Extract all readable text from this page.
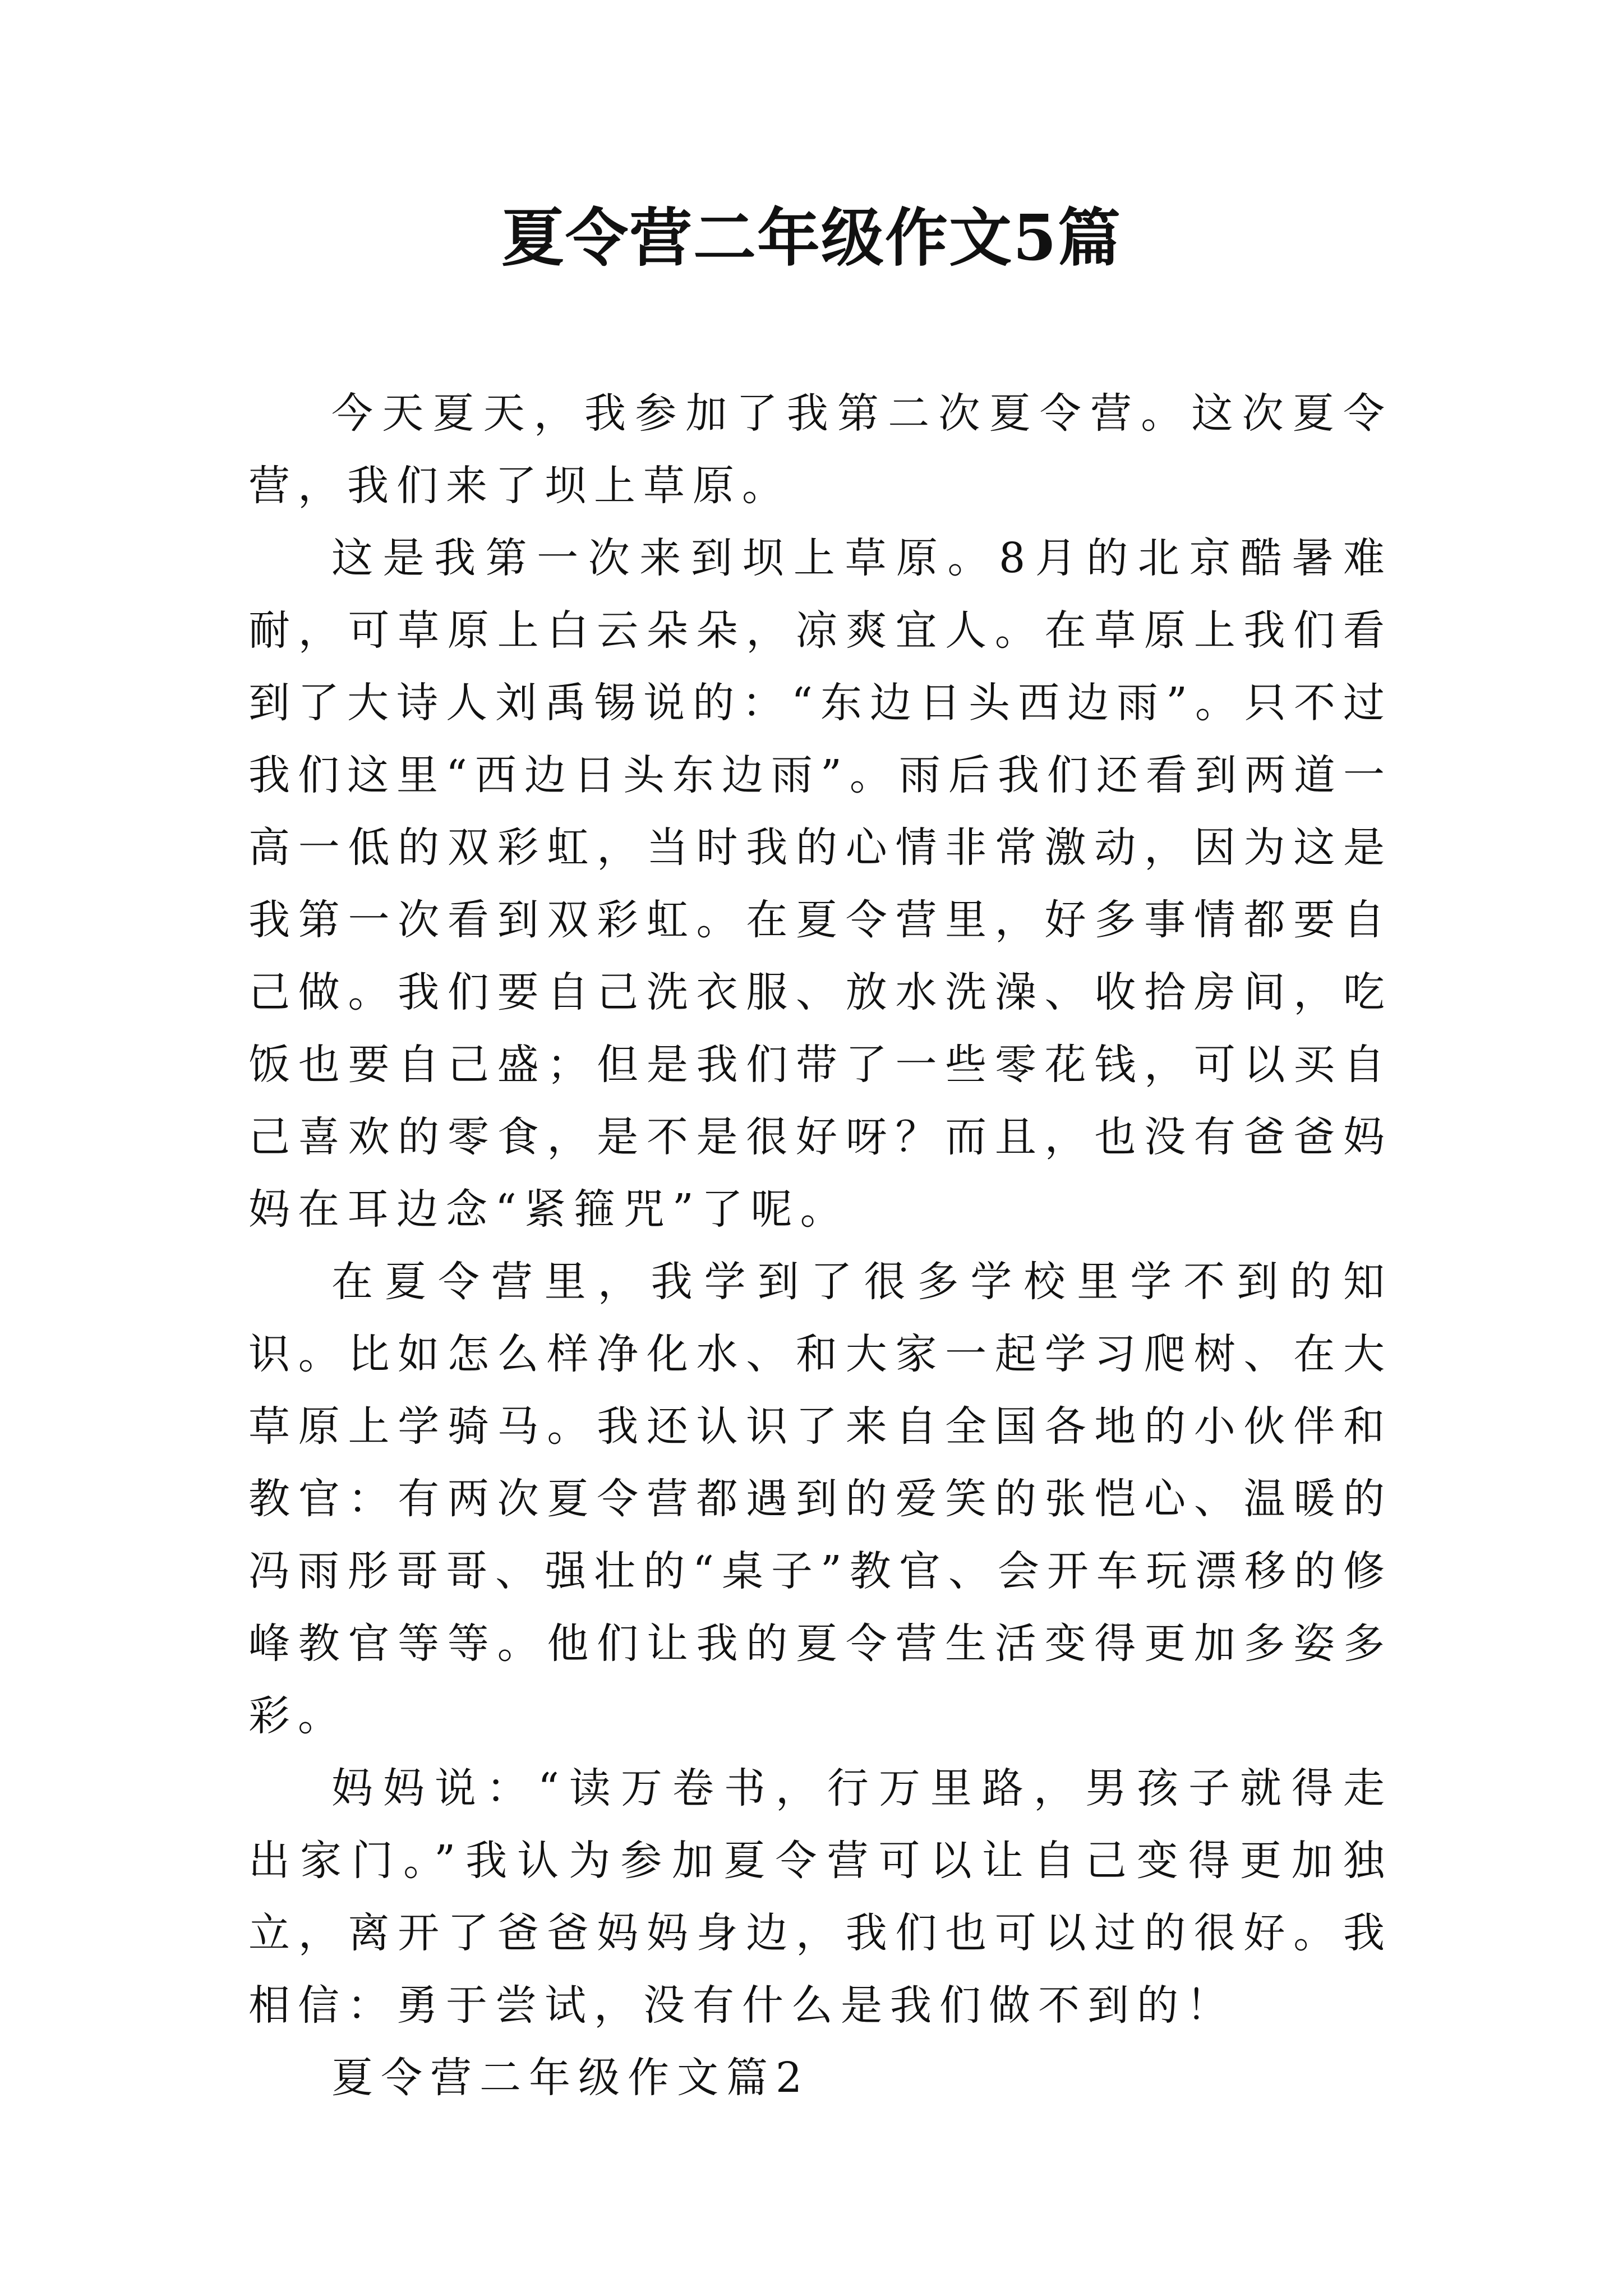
夏令营二年级作文5篇

今天夏天，我参加了我第二次夏令营。这次夏令营，我们来了坝上草原。

这是我第一次来到坝上草原。8月的北京酷暑难耐，可草原上白云朵朵，凉爽宜人。在草原上我们看到了大诗人刘禹锡说的：“东边日头西边雨”。只不过我们这里“西边日头东边雨”。雨后我们还看到两道一高一低的双彩虹，当时我的心情非常激动，因为这是我第一次看到双彩虹。在夏令营里，好多事情都要自己做。我们要自己洗衣服、放水洗澡、收拾房间，吃饭也要自己盛；但是我们带了一些零花钱，可以买自己喜欢的零食，是不是很好呀？而且，也没有爸爸妈妈在耳边念“紧箍咒”了呢。

在夏令营里，我学到了很多学校里学不到的知识。比如怎么样净化水、和大家一起学习爬树、在大草原上学骑马。我还认识了来自全国各地的小伙伴和教官：有两次夏令营都遇到的爱笑的张恺心、温暖的冯雨彤哥哥、强壮的“桌子”教官、会开车玩漂移的修峰教官等等。他们让我的夏令营生活变得更加多姿多彩。

妈妈说：“读万卷书，行万里路，男孩子就得走出家门。”我认为参加夏令营可以让自己变得更加独立，离开了爸爸妈妈身边，我们也可以过的很好。我相信：勇于尝试，没有什么是我们做不到的！

夏令营二年级作文篇2
